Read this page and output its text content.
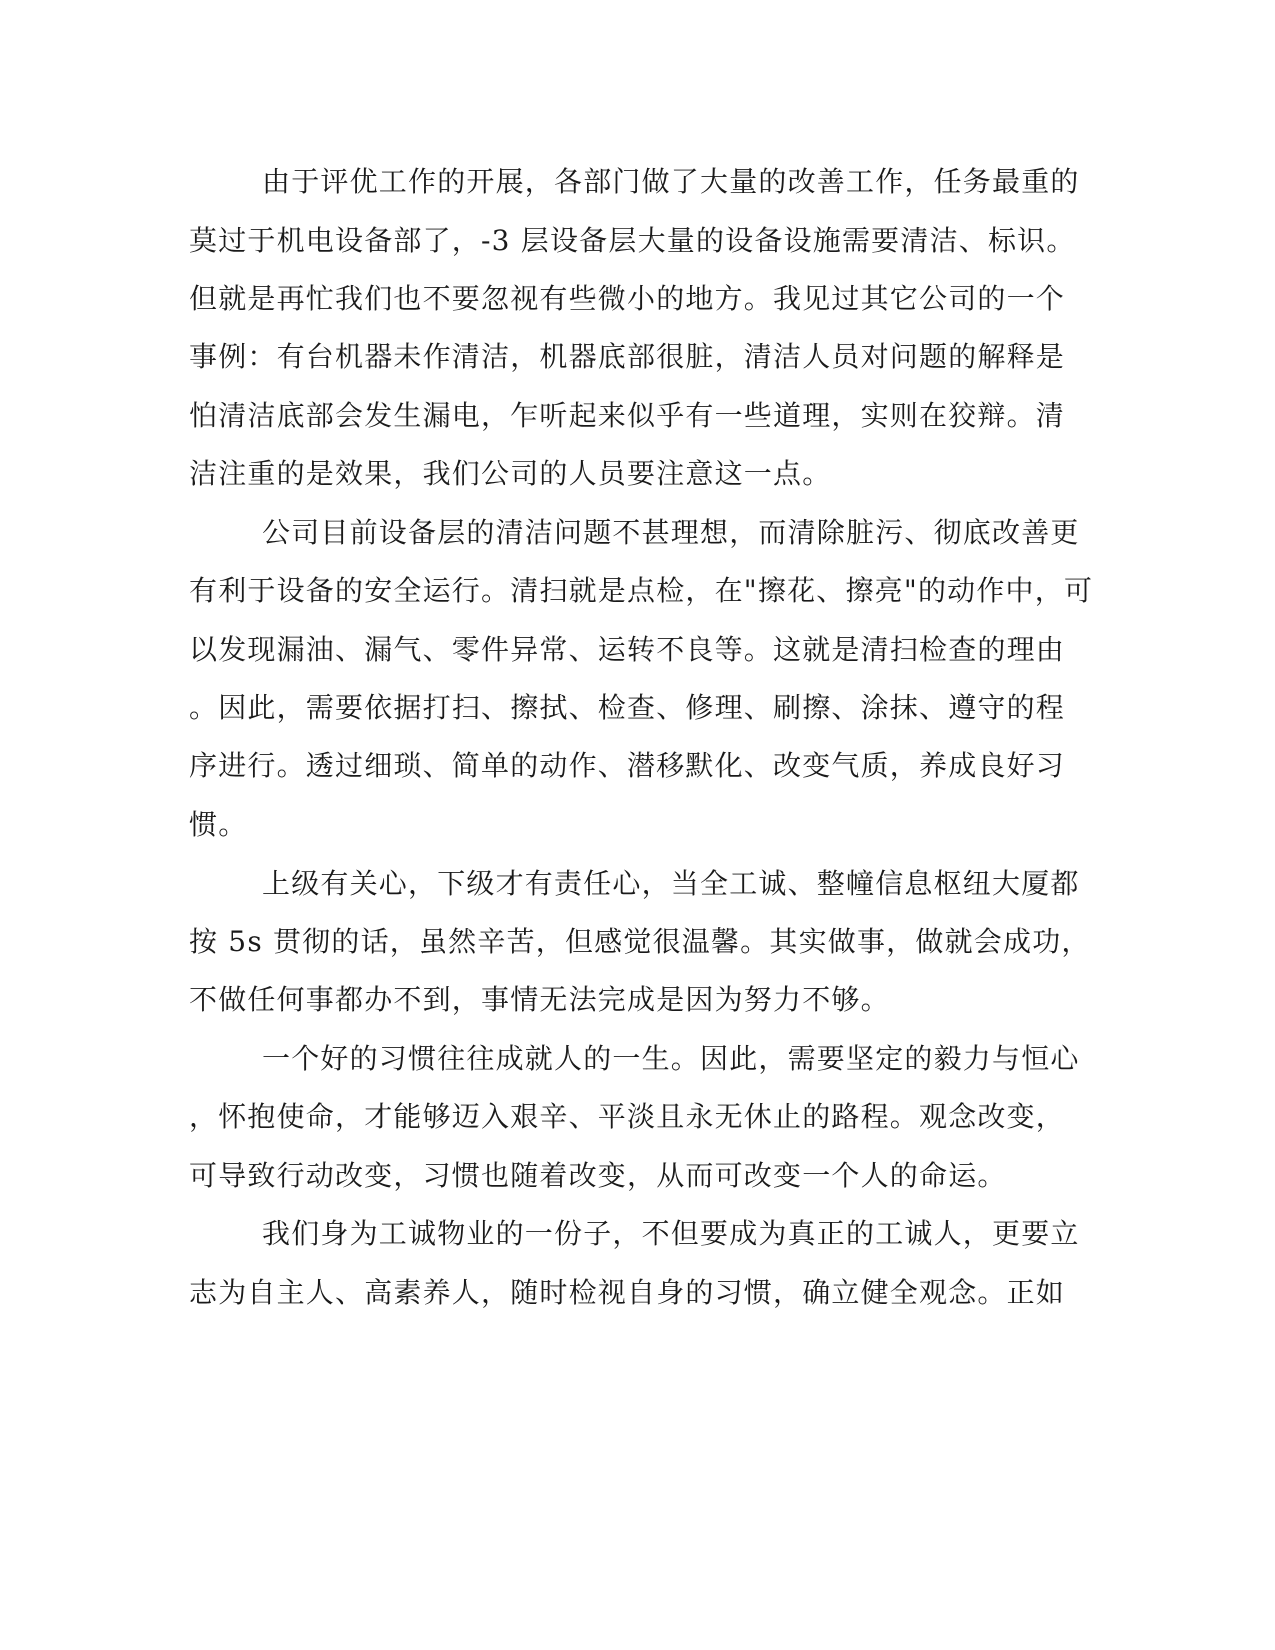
由于评优工作的开展，各部门做了大量的改善工作，任务最重的
莫过于机电设备部了，-3 层设备层大量的设备设施需要清洁、标识。
但就是再忙我们也不要忽视有些微小的地方。我见过其它公司的一个
事例：有台机器未作清洁，机器底部很脏，清洁人员对问题的解释是
怕清洁底部会发生漏电，乍听起来似乎有一些道理，实则在狡辩。清
洁注重的是效果，我们公司的人员要注意这一点。
公司目前设备层的清洁问题不甚理想，而清除脏污、彻底改善更
有利于设备的安全运行。清扫就是点检，在"擦花、擦亮"的动作中，可
以发现漏油、漏气、零件异常、运转不良等。这就是清扫检查的理由
。因此，需要依据打扫、擦拭、检查、修理、刷擦、涂抹、遵守的程
序进行。透过细琐、简单的动作、潜移默化、改变气质，养成良好习
惯。
上级有关心，下级才有责任心，当全工诚、整幢信息枢纽大厦都
按 5s 贯彻的话，虽然辛苦，但感觉很温馨。其实做事，做就会成功，
不做任何事都办不到，事情无法完成是因为努力不够。
一个好的习惯往往成就人的一生。因此，需要坚定的毅力与恒心
，怀抱使命，才能够迈入艰辛、平淡且永无休止的路程。观念改变，
可导致行动改变，习惯也随着改变，从而可改变一个人的命运。
我们身为工诚物业的一份子，不但要成为真正的工诚人，更要立
志为自主人、高素养人，随时检视自身的习惯，确立健全观念。正如
